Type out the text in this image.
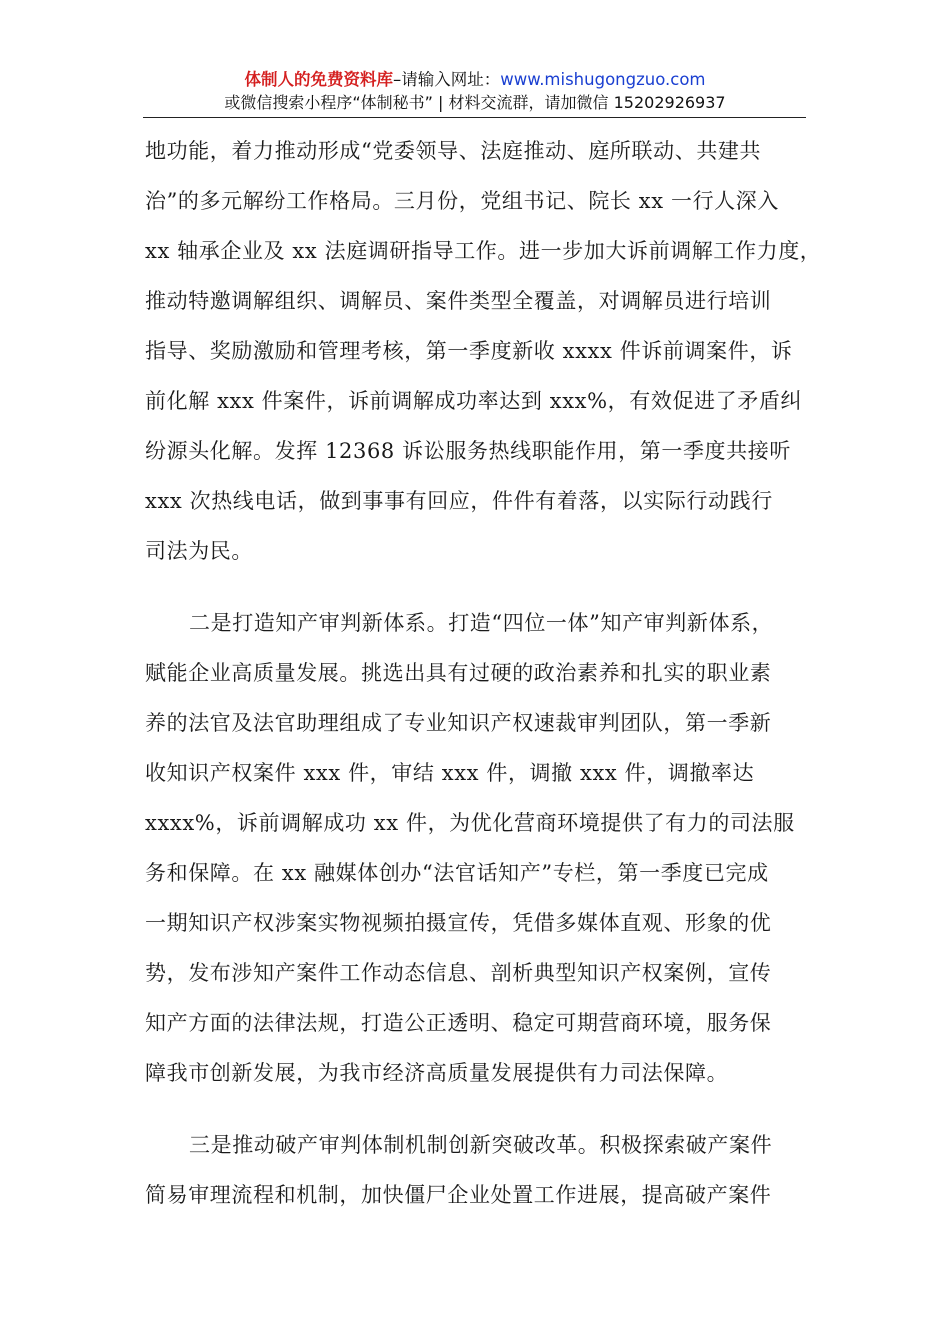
体制人的免费资料库–请输入网址：www.mishugongzuo.com
或微信搜索小程序“体制秘书” | 材料交流群，请加微信 15202926937
地功能，着力推动形成“党委领导、法庭推动、庭所联动、共建共
治”的多元解纷工作格局。三月份，党组书记、院长 xx 一行人深入
xx 轴承企业及 xx 法庭调研指导工作。进一步加大诉前调解工作力度，
推动特邀调解组织、调解员、案件类型全覆盖，对调解员进行培训
指导、奖励激励和管理考核，第一季度新收 xxxx 件诉前调案件，诉
前化解 xxx 件案件，诉前调解成功率达到 xxx%，有效促进了矛盾纠
纷源头化解。发挥 12368 诉讼服务热线职能作用，第一季度共接听
xxx 次热线电话，做到事事有回应，件件有着落，以实际行动践行
司法为民。
二是打造知产审判新体系。打造“四位一体”知产审判新体系，
赋能企业高质量发展。挑选出具有过硬的政治素养和扎实的职业素
养的法官及法官助理组成了专业知识产权速裁审判团队，第一季新
收知识产权案件 xxx 件，审结 xxx 件，调撤 xxx 件，调撤率达
xxxx%，诉前调解成功 xx 件，为优化营商环境提供了有力的司法服
务和保障。在 xx 融媒体创办“法官话知产”专栏，第一季度已完成
一期知识产权涉案实物视频拍摄宣传，凭借多媒体直观、形象的优
势，发布涉知产案件工作动态信息、剖析典型知识产权案例，宣传
知产方面的法律法规，打造公正透明、稳定可期营商环境，服务保
障我市创新发展，为我市经济高质量发展提供有力司法保障。
三是推动破产审判体制机制创新突破改革。积极探索破产案件
简易审理流程和机制，加快僵尸企业处置工作进展，提高破产案件
